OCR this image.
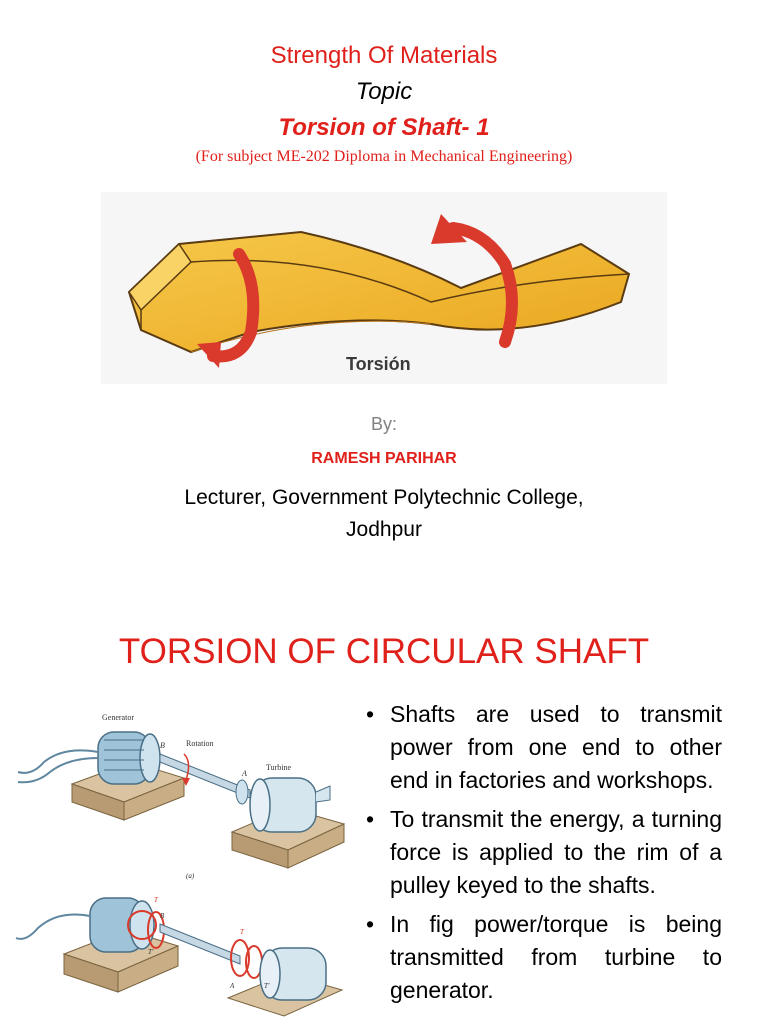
Strength Of Materials
Topic
Torsion of Shaft- 1
(For subject ME-202 Diploma in Mechanical Engineering)
Torsión
By:
RAMESH PARIHAR
Lecturer, Government Polytechnic College,
Jodhpur
TORSION OF CIRCULAR SHAFT
Generator
Rotation
Turbine
B
A
(a)
T
T'
T
T'
A
B
• Shafts are used to transmit power from one end to other end in factories and workshops.
• To transmit the energy, a turning force is applied to the rim of a pulley keyed to the shafts.
• In fig power/torque is being transmitted from turbine to generator.
